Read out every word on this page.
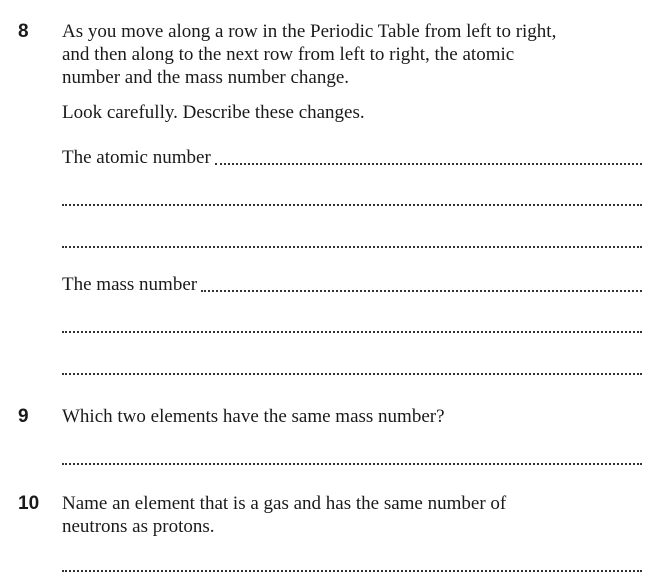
8 As you move along a row in the Periodic Table from left to right,

and then along to the next row from left to right, the atomic

number and the mass number change.

Look carefully. Describe these changes.
The atomic number
The mass number
9 Which two elements have the same mass number?
10 Name an element that is a gas and has the same number of

neutrons as protons.
